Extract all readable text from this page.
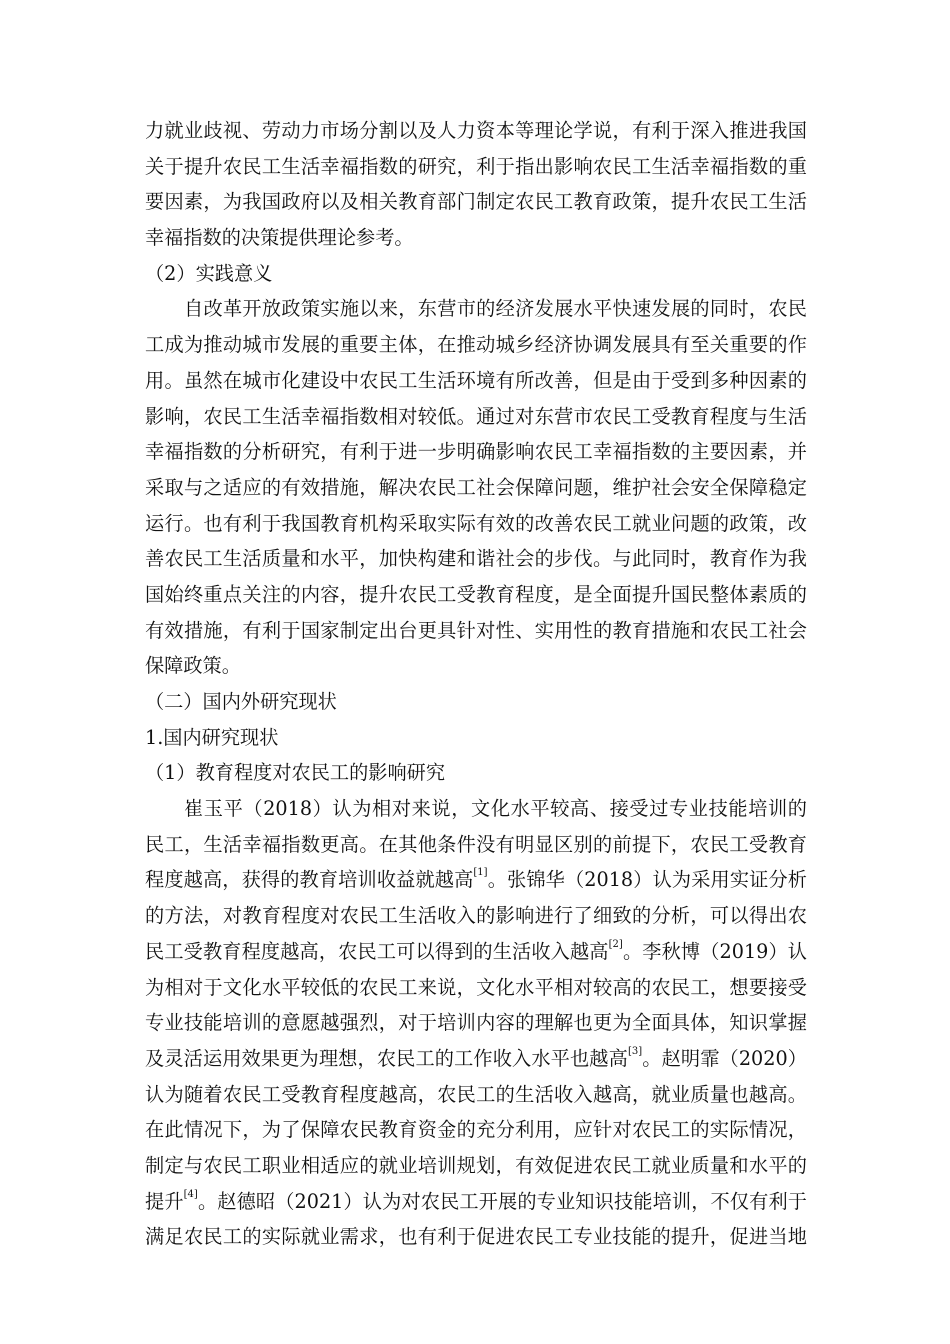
力就业歧视、劳动力市场分割以及人力资本等理论学说，有利于深入推进我国
关于提升农民工生活幸福指数的研究，利于指出影响农民工生活幸福指数的重
要因素，为我国政府以及相关教育部门制定农民工教育政策，提升农民工生活
幸福指数的决策提供理论参考。
（2）实践意义
自改革开放政策实施以来，东营市的经济发展水平快速发展的同时，农民
工成为推动城市发展的重要主体，在推动城乡经济协调发展具有至关重要的作
用。虽然在城市化建设中农民工生活环境有所改善，但是由于受到多种因素的
影响，农民工生活幸福指数相对较低。通过对东营市农民工受教育程度与生活
幸福指数的分析研究，有利于进一步明确影响农民工幸福指数的主要因素，并
采取与之适应的有效措施，解决农民工社会保障问题，维护社会安全保障稳定
运行。也有利于我国教育机构采取实际有效的改善农民工就业问题的政策，改
善农民工生活质量和水平，加快构建和谐社会的步伐。与此同时，教育作为我
国始终重点关注的内容，提升农民工受教育程度，是全面提升国民整体素质的
有效措施，有利于国家制定出台更具针对性、实用性的教育措施和农民工社会
保障政策。
（二）国内外研究现状
1.国内研究现状
（1）教育程度对农民工的影响研究
崔玉平（2018）认为相对来说，文化水平较高、接受过专业技能培训的
民工，生活幸福指数更高。在其他条件没有明显区别的前提下，农民工受教育
程度越高，获得的教育培训收益就越高[1]。张锦华（2018）认为采用实证分析
的方法，对教育程度对农民工生活收入的影响进行了细致的分析，可以得出农
民工受教育程度越高，农民工可以得到的生活收入越高[2]。李秋博（2019）认
为相对于文化水平较低的农民工来说，文化水平相对较高的农民工，想要接受
专业技能培训的意愿越强烈，对于培训内容的理解也更为全面具体，知识掌握
及灵活运用效果更为理想，农民工的工作收入水平也越高[3]。赵明霏（2020）
认为随着农民工受教育程度越高，农民工的生活收入越高，就业质量也越高。
在此情况下，为了保障农民教育资金的充分利用，应针对农民工的实际情况，
制定与农民工职业相适应的就业培训规划，有效促进农民工就业质量和水平的
提升[4]。赵德昭（2021）认为对农民工开展的专业知识技能培训，不仅有利于
满足农民工的实际就业需求，也有利于促进农民工专业技能的提升，促进当地
